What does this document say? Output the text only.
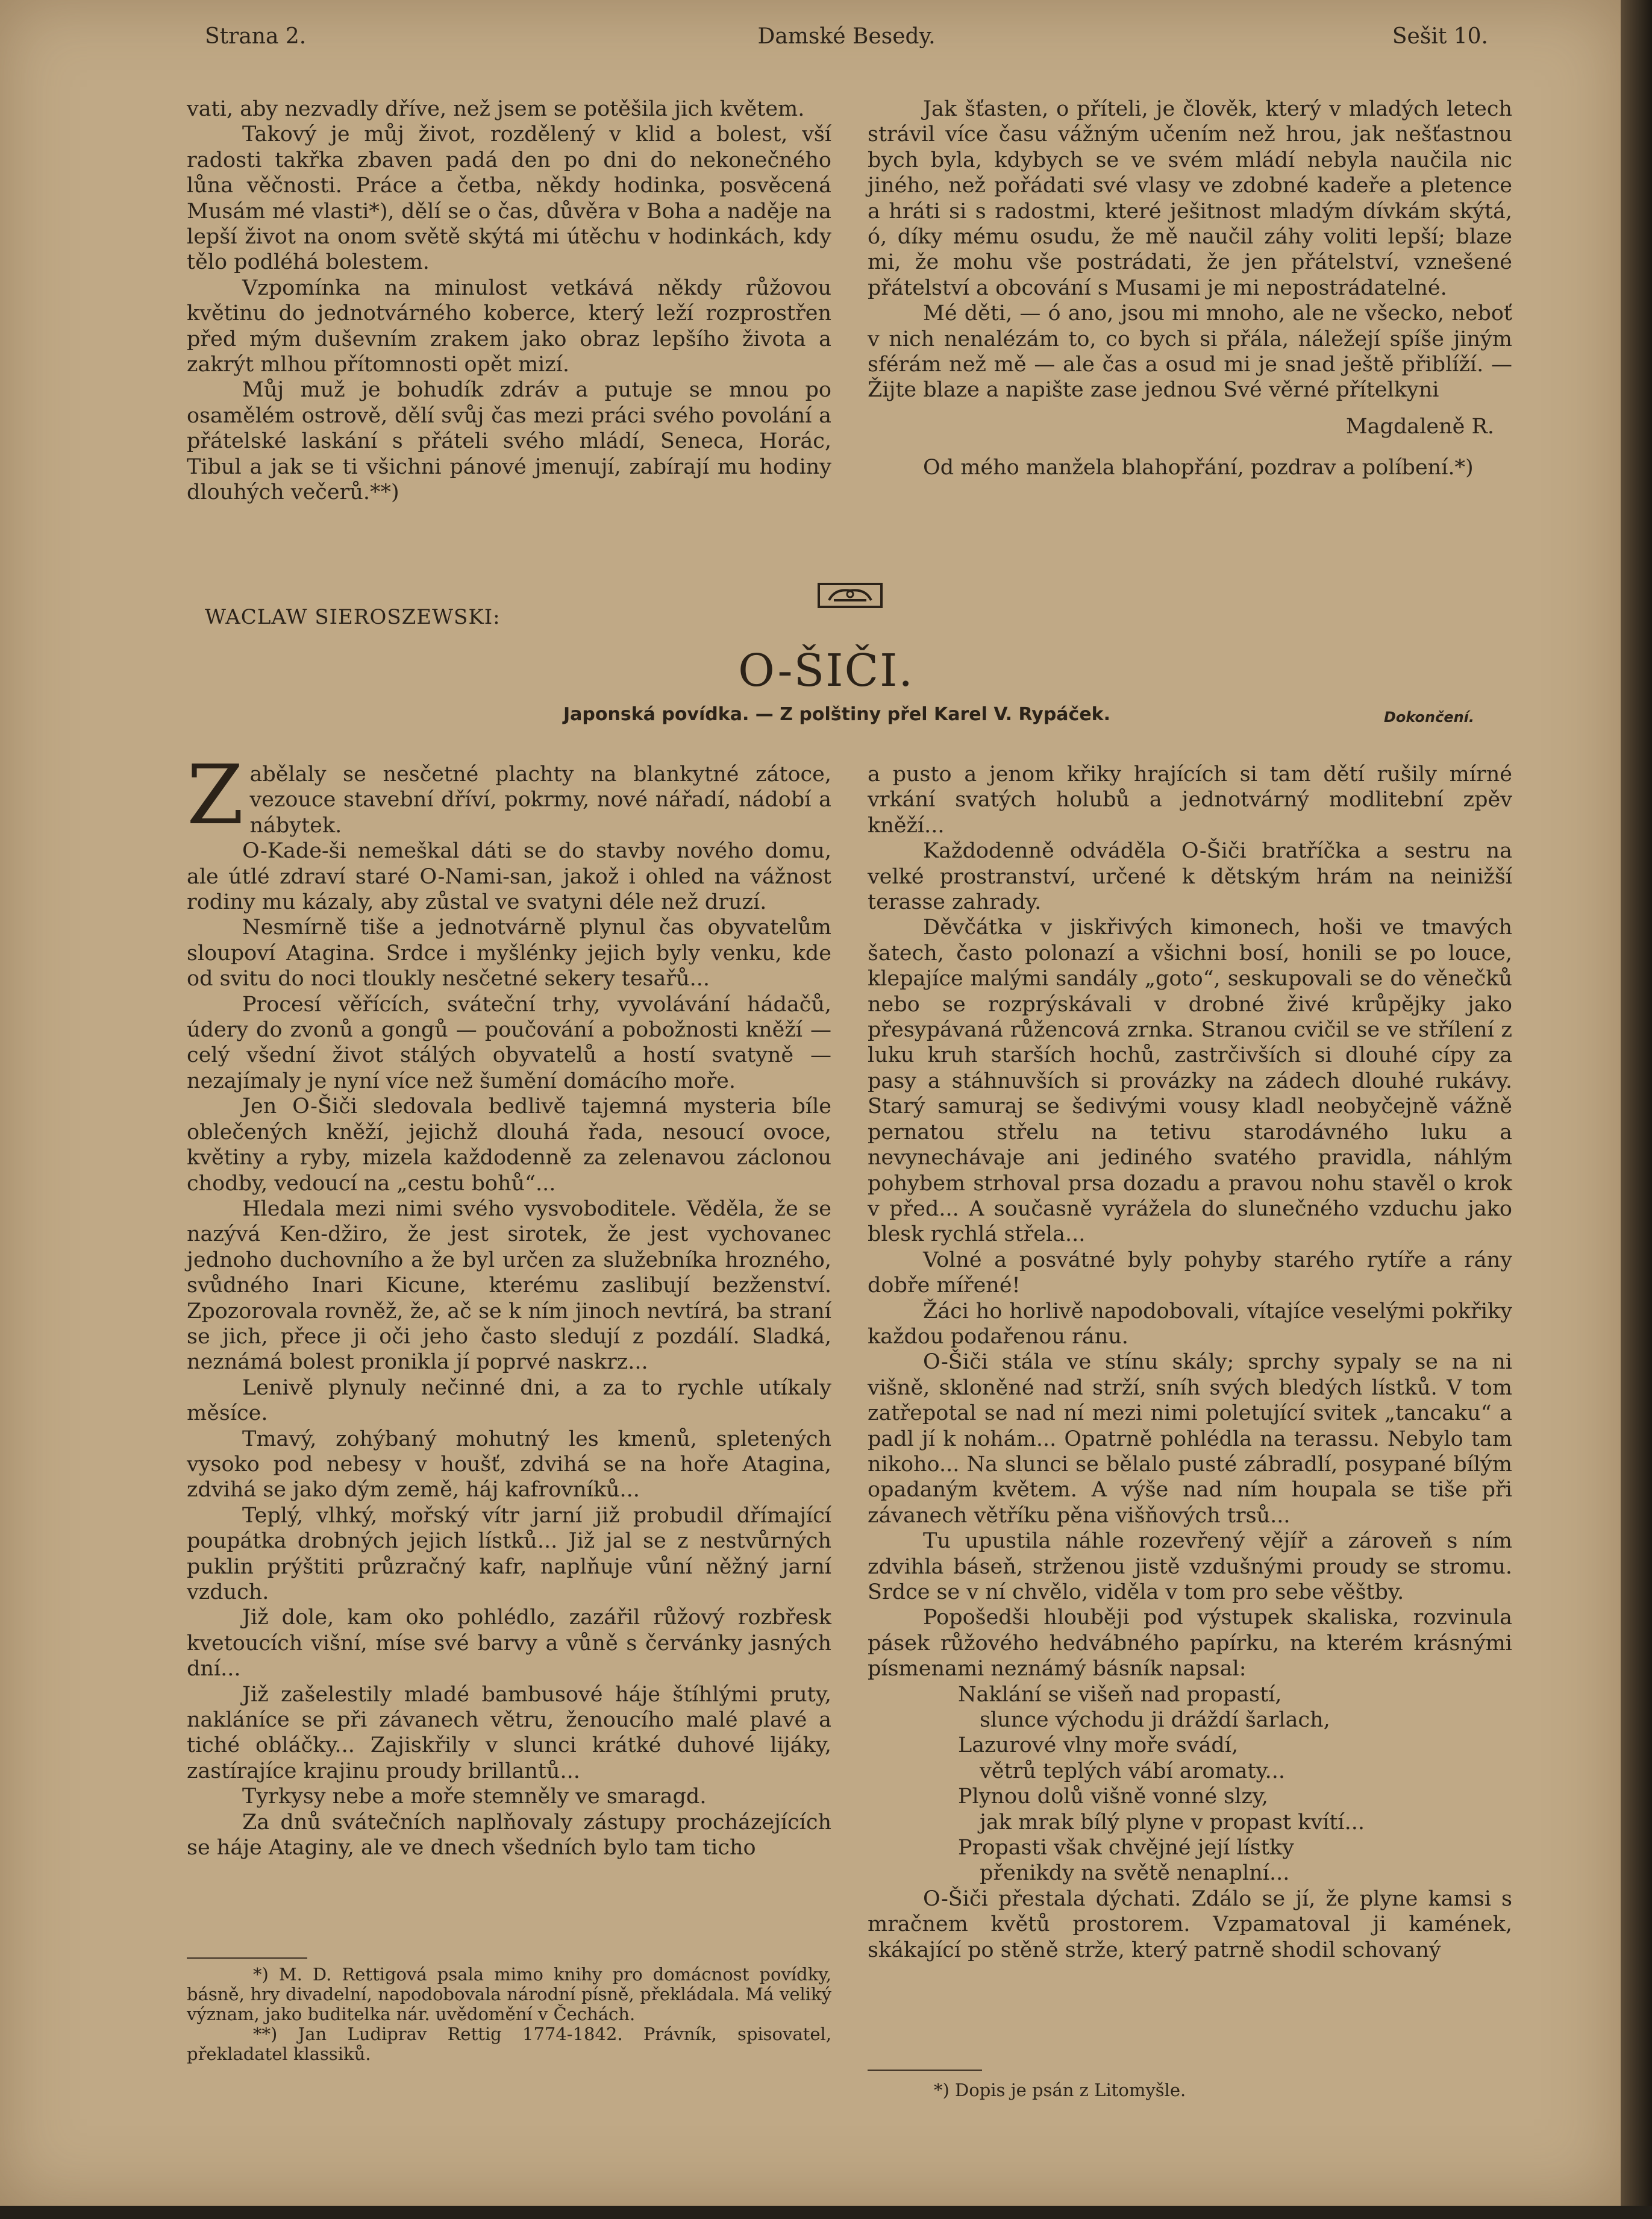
Strana 2.	Damské Besedy.	Sešit 10.

vati, aby nezvadly dříve, než jsem se potěšila jich květem.

Takový je můj život, rozdělený v klid a bolest, vší radosti takřka zbaven padá den po dni do nekonečného lůna věčnosti. Práce a četba, někdy hodinka, posvěcená Musám mé vlasti*), dělí se o čas, důvěra v Boha a naděje na lepší život na onom světě skýtá mi útěchu v hodinkách, kdy tělo podléhá bolestem.

Vzpomínka na minulost vetkává někdy růžovou květinu do jednotvárného koberce, který leží rozprostřen před mým duševním zrakem jako obraz lepšího života a zakrýt mlhou přítomnosti opět mizí.

Můj muž je bohudík zdráv a putuje se mnou po osamělém ostrově, dělí svůj čas mezi práci svého povolání a přátelské laskání s přáteli svého mládí, Seneca, Horác, Tibul a jak se ti všichni pánové jmenují, zabírají mu hodiny dlouhých večerů.**)

Jak šťasten, o příteli, je člověk, který v mladých letech strávil více času vážným učením než hrou, jak nešťastnou bych byla, kdybych se ve svém mládí nebyla naučila nic jiného, než pořádati své vlasy ve zdobné kadeře a pletence a hráti si s radostmi, které ješitnost mladým dívkám skýtá, ó, díky mému osudu, že mě naučil záhy voliti lepší; blaze mi, že mohu vše postrádati, že jen přátelství, vznešené přátelství a obcování s Musami je mi nepostrádatelné.

Mé děti, — ó ano, jsou mi mnoho, ale ne všecko, neboť v nich nenalézám to, co bych si přála, náležejí spíše jiným sférám než mě — ale čas a osud mi je snad ještě přiblíží. — Žijte blaze a napište zase jednou Své věrné přítelkyni

Magdaleně R.

Od mého manžela blahopřání, pozdrav a políbení.*)

WACLAW SIEROSZEWSKI:
O-ŠIČI.
Japonská povídka. — Z polštiny přel Karel V. Rypáček.	Dokončení.

Zabělaly se nesčetné plachty na blankytné zátoce, vezouce stavební dříví, pokrmy, nové nářadí, nádobí a nábytek.

O-Kade-ši nemeškal dáti se do stavby nového domu, ale útlé zdraví staré O-Nami-san, jakož i ohled na vážnost rodiny mu kázaly, aby zůstal ve svatyni déle než druzí.

Nesmírně tiše a jednotvárně plynul čas obyvatelům sloupoví Atagina. Srdce i myšlénky jejich byly venku, kde od svitu do noci tloukly nesčetné sekery tesařů...

Procesí věřících, sváteční trhy, vyvolávání hádačů, údery do zvonů a gongů — poučování a pobožnosti kněží — celý všední život stálých obyvatelů a hostí svatyně — nezajímaly je nyní více než šumění domácího moře.

Jen O-Šiči sledovala bedlivě tajemná mysteria bíle oblečených kněží, jejichž dlouhá řada, nesoucí ovoce, květiny a ryby, mizela každodenně za zelenavou záclonou chodby, vedoucí na „cestu bohů“...

Hledala mezi nimi svého vysvoboditele. Věděla, že se nazývá Ken-džiro, že jest sirotek, že jest vychovanec jednoho duchovního a že byl určen za služebníka hrozného, svůdného Inari Kicune, kterému zaslibují bezženství. Zpozorovala rovněž, že, ač se k ním jinoch nevtírá, ba straní se jich, přece ji oči jeho často sledují z pozdálí. Sladká, neznámá bolest pronikla jí poprvé naskrz...

Lenivě plynuly nečinné dni, a za to rychle utíkaly měsíce.

Tmavý, zohýbaný mohutný les kmenů, spletených vysoko pod nebesy v houšť, zdvihá se na hoře Atagina, zdvihá se jako dým země, háj kafrovníků...

Teplý, vlhký, mořský vítr jarní již probudil dřímající poupátka drobných jejich lístků... Již jal se z nestvůrných puklin prýštiti průzračný kafr, naplňuje vůní něžný jarní vzduch.

Již dole, kam oko pohlédlo, zazářil růžový rozbřesk kvetoucích višní, míse své barvy a vůně s červánky jasných dní...

Již zašelestily mladé bambusové háje štíhlými pruty, nakláníce se při závanech větru, ženoucího malé plavé a tiché obláčky... Zajiskřily v slunci krátké duhové lijáky, zastírajíce krajinu proudy brillantů...

Tyrkysy nebe a moře stemněly ve smaragd.

Za dnů svátečních naplňovaly zástupy procházejících se háje Ataginy, ale ve dnech všedních bylo tam ticho

*) M. D. Rettigová psala mimo knihy pro domácnost povídky, básně, hry divadelní, napodobovala národní písně, překládala. Má veliký význam, jako buditelka nár. uvědomění v Čechách.

**) Jan Ludiprav Rettig 1774-1842. Právník, spisovatel, překladatel klassiků.

a pusto a jenom křiky hrajících si tam dětí rušily mírné vrkání svatých holubů a jednotvárný modlitební zpěv kněží...

Každodenně odváděla O-Šiči bratříčka a sestru na velké prostranství, určené k dětským hrám na neinižší terasse zahrady.

Děvčátka v jiskřivých kimonech, hoši ve tmavých šatech, často polonazí a všichni bosí, honili se po louce, klepajíce malými sandály „goto“, seskupovali se do věnečků nebo se rozprýskávali v drobné živé krůpějky jako přesypávaná růžencová zrnka. Stranou cvičil se ve střílení z luku kruh starších hochů, zastrčivších si dlouhé cípy za pasy a stáhnuvších si provázky na zádech dlouhé rukávy. Starý samuraj se šedivými vousy kladl neobyčejně vážně pernatou střelu na tetivu starodávného luku a nevynechávaje ani jediného svatého pravidla, náhlým pohybem strhoval prsa dozadu a pravou nohu stavěl o krok v před... A současně vyrážela do slunečného vzduchu jako blesk rychlá střela...

Volné a posvátné byly pohyby starého rytíře a rány dobře mířené!

Žáci ho horlivě napodobovali, vítajíce veselými pokřiky každou podařenou ránu.

O-Šiči stála ve stínu skály; sprchy sypaly se na ni višně, skloněné nad strží, sníh svých bledých lístků. V tom zatřepotal se nad ní mezi nimi poletující svitek „tancaku“ a padl jí k nohám... Opatrně pohlédla na terassu. Nebylo tam nikoho... Na slunci se bělalo pusté zábradlí, posypané bílým opadaným květem. A výše nad ním houpala se tiše při závanech větříku pěna višňových trsů...

Tu upustila náhle rozevřený vějíř a zároveň s ním zdvihla báseň, strženou jistě vzdušnými proudy se stromu. Srdce se v ní chvělo, viděla v tom pro sebe věštby.

Popošedši hlouběji pod výstupek skaliska, rozvinula pásek růžového hedvábného papírku, na kterém krásnými písmenami neznámý básník napsal:

Naklání se višeň nad propastí,
slunce východu ji dráždí šarlach,
Lazurové vlny moře svádí,
větrů teplých vábí aromaty...
Plynou dolů višně vonné slzy,
jak mrak bílý plyne v propast kvítí...
Propasti však chvějné její lístky
přenikdy na světě nenaplní...

O-Šiči přestala dýchati. Zdálo se jí, že plyne kamsi s mračnem květů prostorem. Vzpamatoval ji kamének, skákající po stěně strže, který patrně shodil schovaný

*) Dopis je psán z Litomyšle.
